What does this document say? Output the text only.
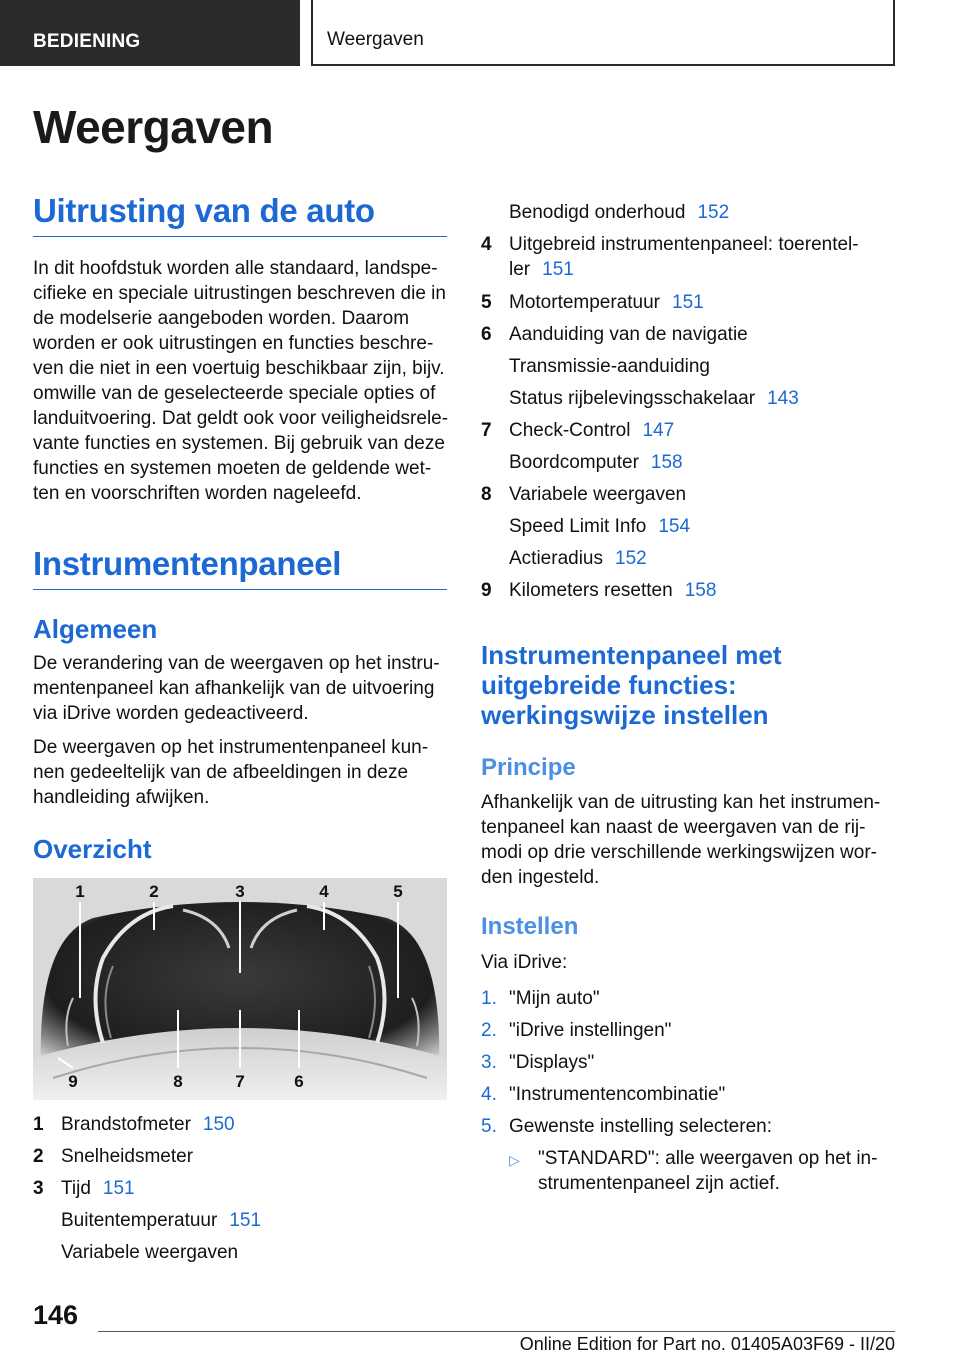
BEDIENING	Weergaven
Weergaven
Uitrusting van de auto

In dit hoofdstuk worden alle standaard, landspe-cifieke en speciale uitrustingen beschreven die in de modelserie aangeboden worden. Daarom worden er ook uitrustingen en functies beschre-ven die niet in een voertuig beschikbaar zijn, bijv. omwille van de geselecteerde speciale opties of landuitvoering. Dat geldt ook voor veiligheidsrele-vante functies en systemen. Bij gebruik van deze functies en systemen moeten de geldende wet-ten en voorschriften worden nageleefd.

Instrumentenpaneel
Algemeen

De verandering van de weergaven op het instru-mentenpaneel kan afhankelijk van de uitvoering via iDrive worden gedeactiveerd.

De weergaven op het instrumentenpaneel kun-nen gedeeltelijk van de afbeeldingen in deze handleiding afwijken.

Overzicht
1	2	3	4	5
9	8	7	6
1 Brandstofmeter 150
2 Snelheidsmeter
3 Tijd 151
Buitentemperatuur 151
Variabele weergaven
Benodigd onderhoud 152
4 Uitgebreid instrumentenpaneel: toerentel-ler 151
5 Motortemperatuur 151
6 Aanduiding van de navigatie
Transmissie-aanduiding
Status rijbelevingsschakelaar 143
7 Check-Control 147
Boordcomputer 158
8 Variabele weergaven
Speed Limit Info 154
Actieradius 152
9 Kilometers resetten 158
Instrumentenpaneel met uitgebreide functies: werkingswijze instellen
Principe

Afhankelijk van de uitrusting kan het instrumen-tenpaneel kan naast de weergaven van de rij-modi op drie verschillende werkingswijzen wor-den ingesteld.

Instellen

Via iDrive:

1. "Mijn auto"
2. "iDrive instellingen"
3. "Displays"
4. "Instrumentencombinatie"
5. Gewenste instelling selecteren:
▷ "STANDARD": alle weergaven op het in-strumentenpaneel zijn actief.

146

Online Edition for Part no. 01405A03F69 - II/20
